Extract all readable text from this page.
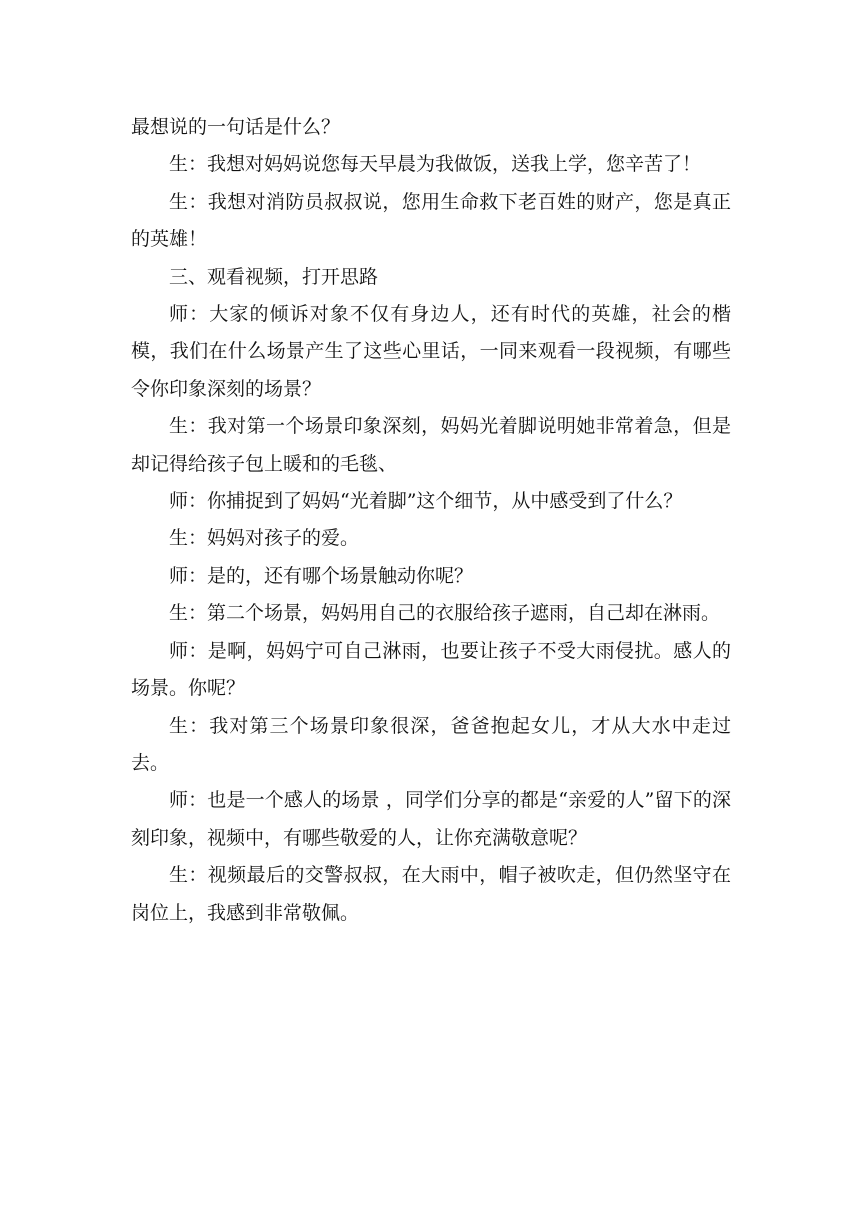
最想说的一句话是什么？

生：我想对妈妈说您每天早晨为我做饭，送我上学，您辛苦了！

生：我想对消防员叔叔说，您用生命救下老百姓的财产，您是真正的英雄！

三、观看视频，打开思路

师：大家的倾诉对象不仅有身边人，还有时代的英雄，社会的楷模，我们在什么场景产生了这些心里话，一同来观看一段视频，有哪些令你印象深刻的场景？

生：我对第一个场景印象深刻，妈妈光着脚说明她非常着急，但是却记得给孩子包上暖和的毛毯、

师：你捕捉到了妈妈“光着脚”这个细节，从中感受到了什么？

生：妈妈对孩子的爱。

师：是的，还有哪个场景触动你呢？

生：第二个场景，妈妈用自己的衣服给孩子遮雨，自己却在淋雨。

师：是啊，妈妈宁可自己淋雨，也要让孩子不受大雨侵扰。感人的场景。你呢？

生：我对第三个场景印象很深，爸爸抱起女儿，才从大水中走过去。

师：也是一个感人的场景 ，同学们分享的都是“亲爱的人”留下的深刻印象，视频中，有哪些敬爱的人，让你充满敬意呢？

生：视频最后的交警叔叔，在大雨中，帽子被吹走，但仍然坚守在岗位上，我感到非常敬佩。
